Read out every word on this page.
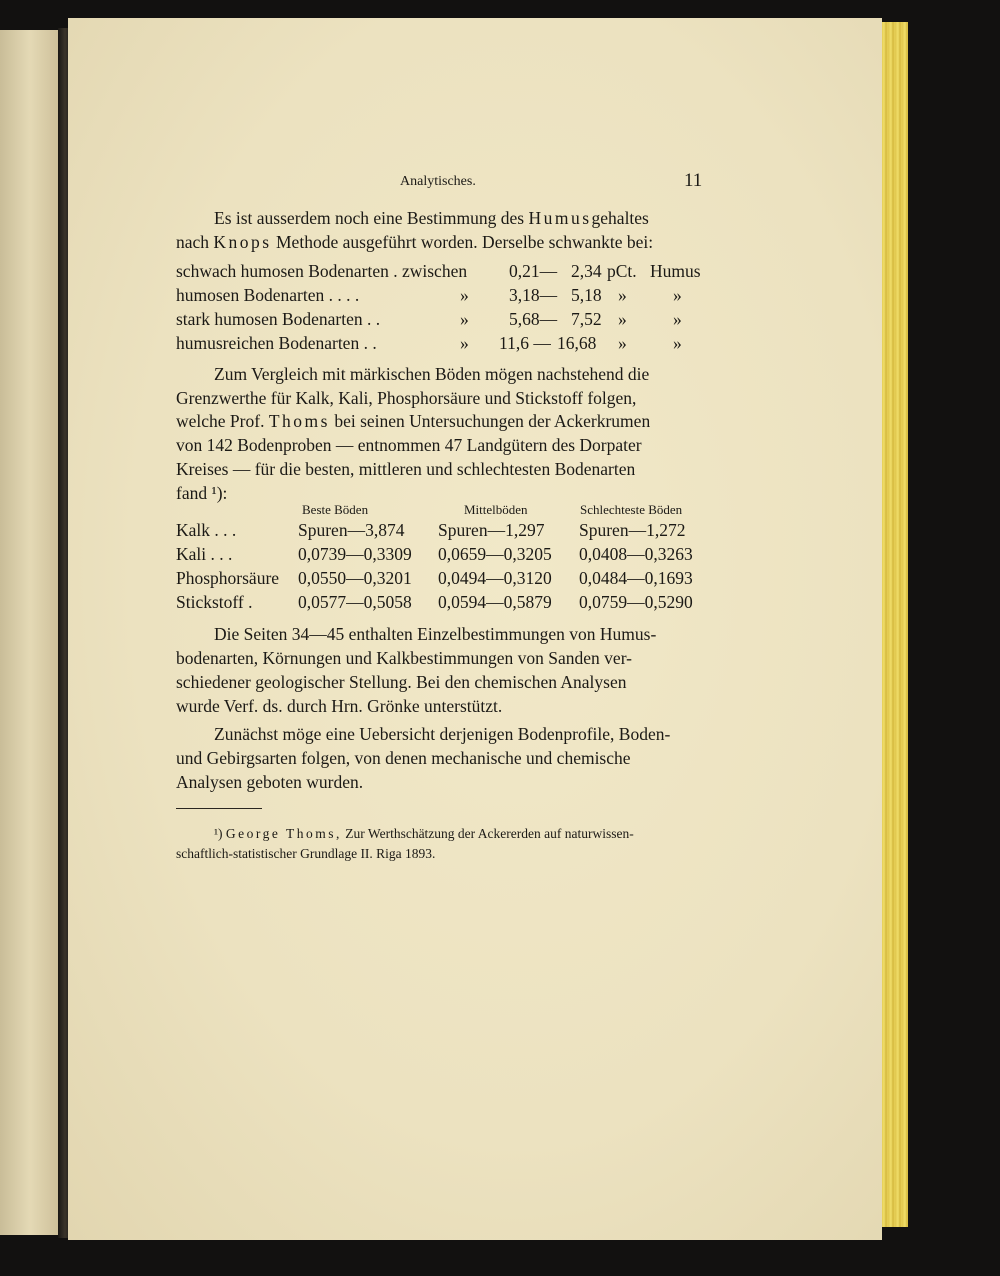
Analytisches.	11
Es ist ausserdem noch eine Bestimmung des Humusgehaltes
nach Knops Methode ausgeführt worden. Derselbe schwankte bei:
schwach humosen Bodenarten . zwischen 0,21— 2,34 pCt. Humus
humosen Bodenarten . . . .	» 3,18— 5,18 »	»
stark humosen Bodenarten . .	» 5,68— 7,52 »	»
humusreichen Bodenarten . .	» 11,6 — 16,68 »	»
Zum Vergleich mit märkischen Böden mögen nachstehend die
Grenzwerthe für Kalk, Kali, Phosphorsäure und Stickstoff folgen,
welche Prof. Thoms bei seinen Untersuchungen der Ackerkrumen
von 142 Bodenproben — entnommen 47 Landgütern des Dorpater
Kreises — für die besten, mittleren und schlechtesten Bodenarten
fand ¹):
Beste Böden	Mittelböden	Schlechteste Böden
Kalk . . .	Spuren—3,874 Spuren—1,297 Spuren—1,272
Kali . . .	0,0739—0,3309 0,0659—0,3205 0,0408—0,3263
Phosphorsäure 0,0550—0,3201 0,0494—0,3120 0,0484—0,1693
Stickstoff .	0,0577—0,5058 0,0594—0,5879 0,0759—0,5290
Die Seiten 34—45 enthalten Einzelbestimmungen von Humus-
bodenarten, Körnungen und Kalkbestimmungen von Sanden ver-
schiedener geologischer Stellung. Bei den chemischen Analysen
wurde Verf. ds. durch Hrn. Grönke unterstützt.
Zunächst möge eine Uebersicht derjenigen Bodenprofile, Boden-
und Gebirgsarten folgen, von denen mechanische und chemische
Analysen geboten wurden.
¹) George Thoms, Zur Werthschätzung der Ackererden auf naturwissen-
schaftlich-statistischer Grundlage II. Riga 1893.
